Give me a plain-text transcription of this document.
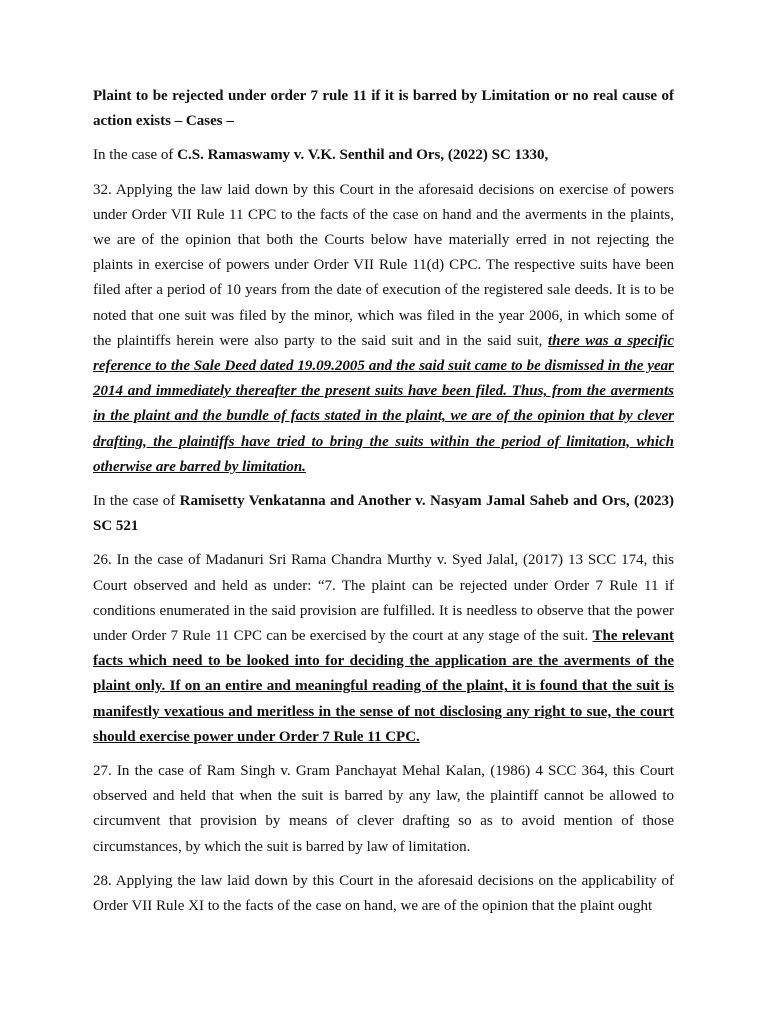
Plaint to be rejected under order 7 rule 11 if it is barred by Limitation or no real cause of action exists – Cases –

In the case of C.S. Ramaswamy v. V.K. Senthil and Ors, (2022) SC 1330,

32. Applying the law laid down by this Court in the aforesaid decisions on exercise of powers under Order VII Rule 11 CPC to the facts of the case on hand and the averments in the plaints, we are of the opinion that both the Courts below have materially erred in not rejecting the plaints in exercise of powers under Order VII Rule 11(d) CPC. The respective suits have been filed after a period of 10 years from the date of execution of the registered sale deeds. It is to be noted that one suit was filed by the minor, which was filed in the year 2006, in which some of the plaintiffs herein were also party to the said suit and in the said suit, there was a specific reference to the Sale Deed dated 19.09.2005 and the said suit came to be dismissed in the year 2014 and immediately thereafter the present suits have been filed. Thus, from the averments in the plaint and the bundle of facts stated in the plaint, we are of the opinion that by clever drafting, the plaintiffs have tried to bring the suits within the period of limitation, which otherwise are barred by limitation.

In the case of Ramisetty Venkatanna and Another v. Nasyam Jamal Saheb and Ors, (2023) SC 521

26. In the case of Madanuri Sri Rama Chandra Murthy v. Syed Jalal, (2017) 13 SCC 174, this Court observed and held as under: “7. The plaint can be rejected under Order 7 Rule 11 if conditions enumerated in the said provision are fulfilled. It is needless to observe that the power under Order 7 Rule 11 CPC can be exercised by the court at any stage of the suit. The relevant facts which need to be looked into for deciding the application are the averments of the plaint only. If on an entire and meaningful reading of the plaint, it is found that the suit is manifestly vexatious and meritless in the sense of not disclosing any right to sue, the court should exercise power under Order 7 Rule 11 CPC.

27. In the case of Ram Singh v. Gram Panchayat Mehal Kalan, (1986) 4 SCC 364, this Court observed and held that when the suit is barred by any law, the plaintiff cannot be allowed to circumvent that provision by means of clever drafting so as to avoid mention of those circumstances, by which the suit is barred by law of limitation.

28. Applying the law laid down by this Court in the aforesaid decisions on the applicability of Order VII Rule XI to the facts of the case on hand, we are of the opinion that the plaint ought
